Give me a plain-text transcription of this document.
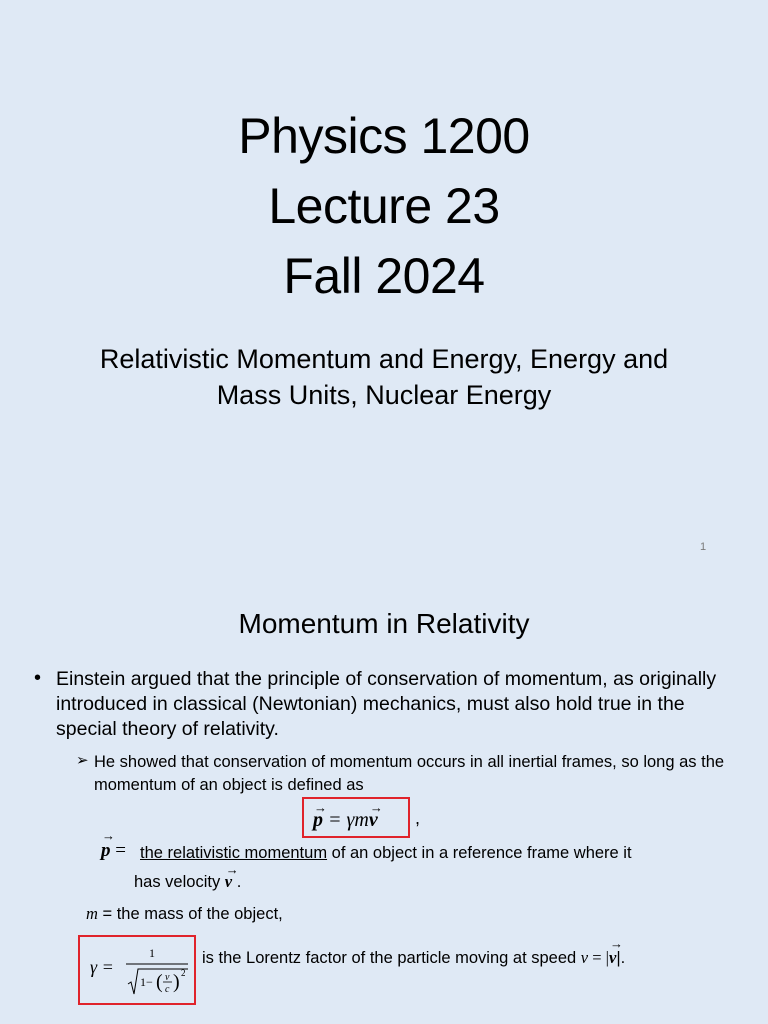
Physics 1200
Lecture 23
Fall 2024
Relativistic Momentum and Energy, Energy and
Mass Units, Nuclear Energy
1
Momentum in Relativity
• Einstein argued that the principle of conservation of momentum, as originally introduced in classical (Newtonian) mechanics, must also hold true in the special theory of relativity.
➢ He showed that conservation of momentum occurs in all inertial frames, so long as the momentum of an object is defined as
→ p = γm→ v ,
→ p = the relativistic momentum of an object in a reference frame where it
has velocity → v .
m = the mass of the object,
γ =
1
1− ( v
c ) 2
is the Lorentz factor of the particle moving at speed v = |→ v|.
